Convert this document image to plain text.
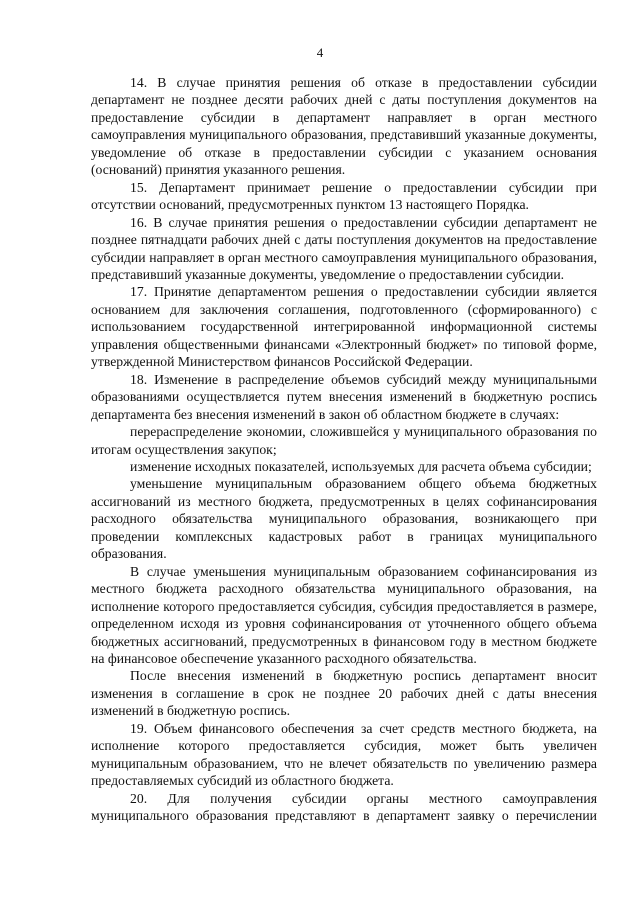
4

14. В случае принятия решения об отказе в предоставлении субсидии департамент не позднее десяти рабочих дней с даты поступления документов на предоставление субсидии в департамент направляет в орган местного самоуправления муниципального образования, представивший указанные документы, уведомление об отказе в предоставлении субсидии с указанием основания (оснований) принятия указанного решения.

15. Департамент принимает решение о предоставлении субсидии при отсутствии оснований, предусмотренных пунктом 13 настоящего Порядка.

16. В случае принятия решения о предоставлении субсидии департамент не позднее пятнадцати рабочих дней с даты поступления документов на предоставление субсидии направляет в орган местного самоуправления муниципального образования, представивший указанные документы, уведомление о предоставлении субсидии.

17. Принятие департаментом решения о предоставлении субсидии является основанием для заключения соглашения, подготовленного (сформированного) с использованием государственной интегрированной информационной системы управления общественными финансами «Электронный бюджет» по типовой форме, утвержденной Министерством финансов Российской Федерации.

18. Изменение в распределение объемов субсидий между муниципальными образованиями осуществляется путем внесения изменений в бюджетную роспись департамента без внесения изменений в закон об областном бюджете в случаях:

перераспределение экономии, сложившейся у муниципального образования по итогам осуществления закупок;

изменение исходных показателей, используемых для расчета объема субсидии;

уменьшение муниципальным образованием общего объема бюджетных ассигнований из местного бюджета, предусмотренных в целях софинансирования расходного обязательства муниципального образования, возникающего при проведении комплексных кадастровых работ в границах муниципального образования.

В случае уменьшения муниципальным образованием софинансирования из местного бюджета расходного обязательства муниципального образования, на исполнение которого предоставляется субсидия, субсидия предоставляется в размере, определенном исходя из уровня софинансирования от уточненного общего объема бюджетных ассигнований, предусмотренных в финансовом году в местном бюджете на финансовое обеспечение указанного расходного обязательства.

После внесения изменений в бюджетную роспись департамент вносит изменения в соглашение в срок не позднее 20 рабочих дней с даты внесения изменений в бюджетную роспись.

19. Объем финансового обеспечения за счет средств местного бюджета, на исполнение которого предоставляется субсидия, может быть увеличен муниципальным образованием, что не влечет обязательств по увеличению размера предоставляемых субсидий из областного бюджета.

20. Для получения субсидии органы местного самоуправления муниципального образования представляют в департамент заявку о перечислении
